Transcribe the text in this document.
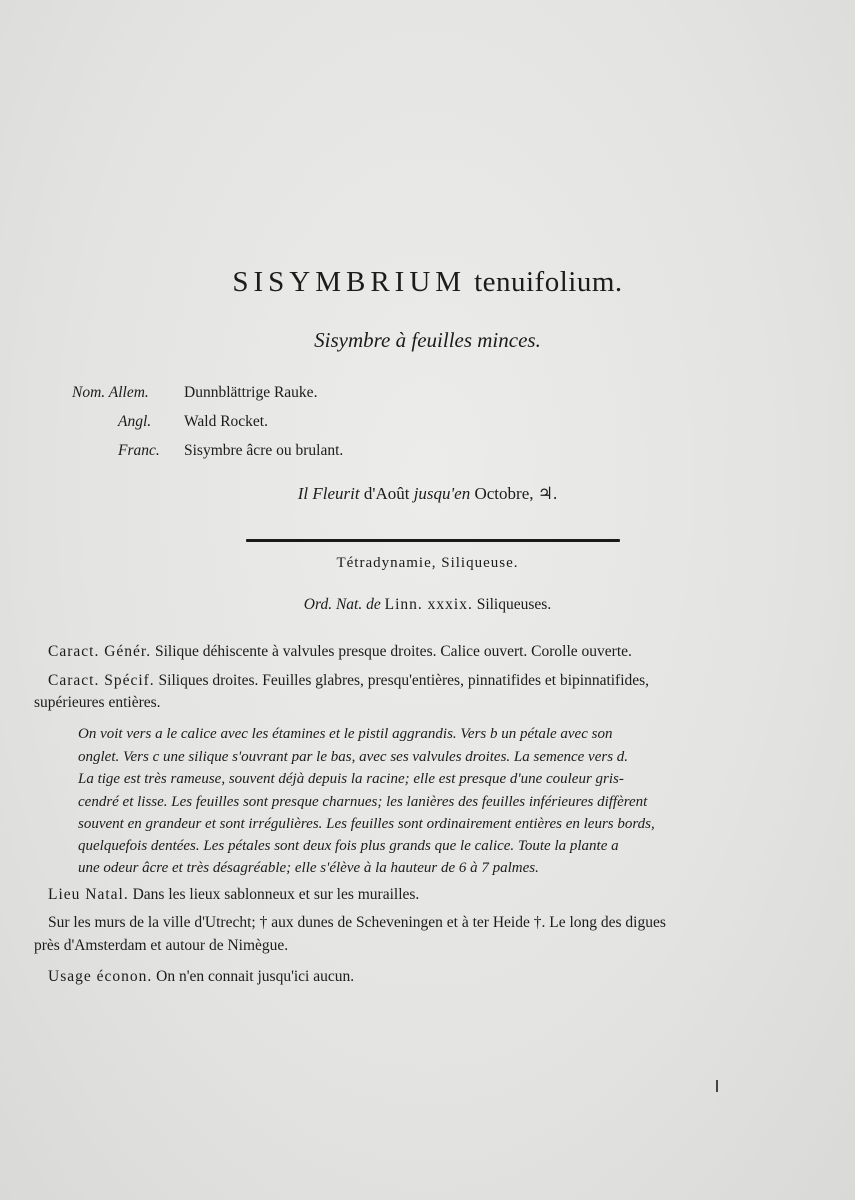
SISYMBRIUM tenuifolium.
Sisymbre à feuilles minces.
Nom. Allem. Dunnblättrige Rauke.
Angl. Wald Rocket.
Franc. Sisymbre âcre ou brulant.
Il Fleurit d'Août jusqu'en Octobre, ♃.
Tétradynamie, Siliqueuse.
Ord. Nat. de Linn. xxxix. Siliqueuses.
Caract. Génér. Silique déhiscente à valvules presque droites. Calice ouvert. Corolle ouverte.
Caract. Spécif. Siliques droites. Feuilles glabres, presqu'entières, pinnatifides et bipinnatifides,
supérieures entières.
On voit vers a le calice avec les étamines et le pistil aggrandis. Vers b un pétale avec son
onglet. Vers c une silique s'ouvrant par le bas, avec ses valvules droites. La semence vers d.
La tige est très rameuse, souvent déjà depuis la racine; elle est presque d'une couleur gris-
cendré et lisse. Les feuilles sont presque charnues; les lanières des feuilles inférieures diffèrent
souvent en grandeur et sont irrégulières. Les feuilles sont ordinairement entières en leurs bords,
quelquefois dentées. Les pétales sont deux fois plus grands que le calice. Toute la plante a
une odeur âcre et très désagréable; elle s'élève à la hauteur de 6 à 7 palmes.
Lieu Natal. Dans les lieux sablonneux et sur les murailles.
Sur les murs de la ville d'Utrecht; † aux dunes de Scheveningen et à ter Heide †. Le long des digues
près d'Amsterdam et autour de Nimègue.
Usage éconon. On n'en connait jusqu'ici aucun.
